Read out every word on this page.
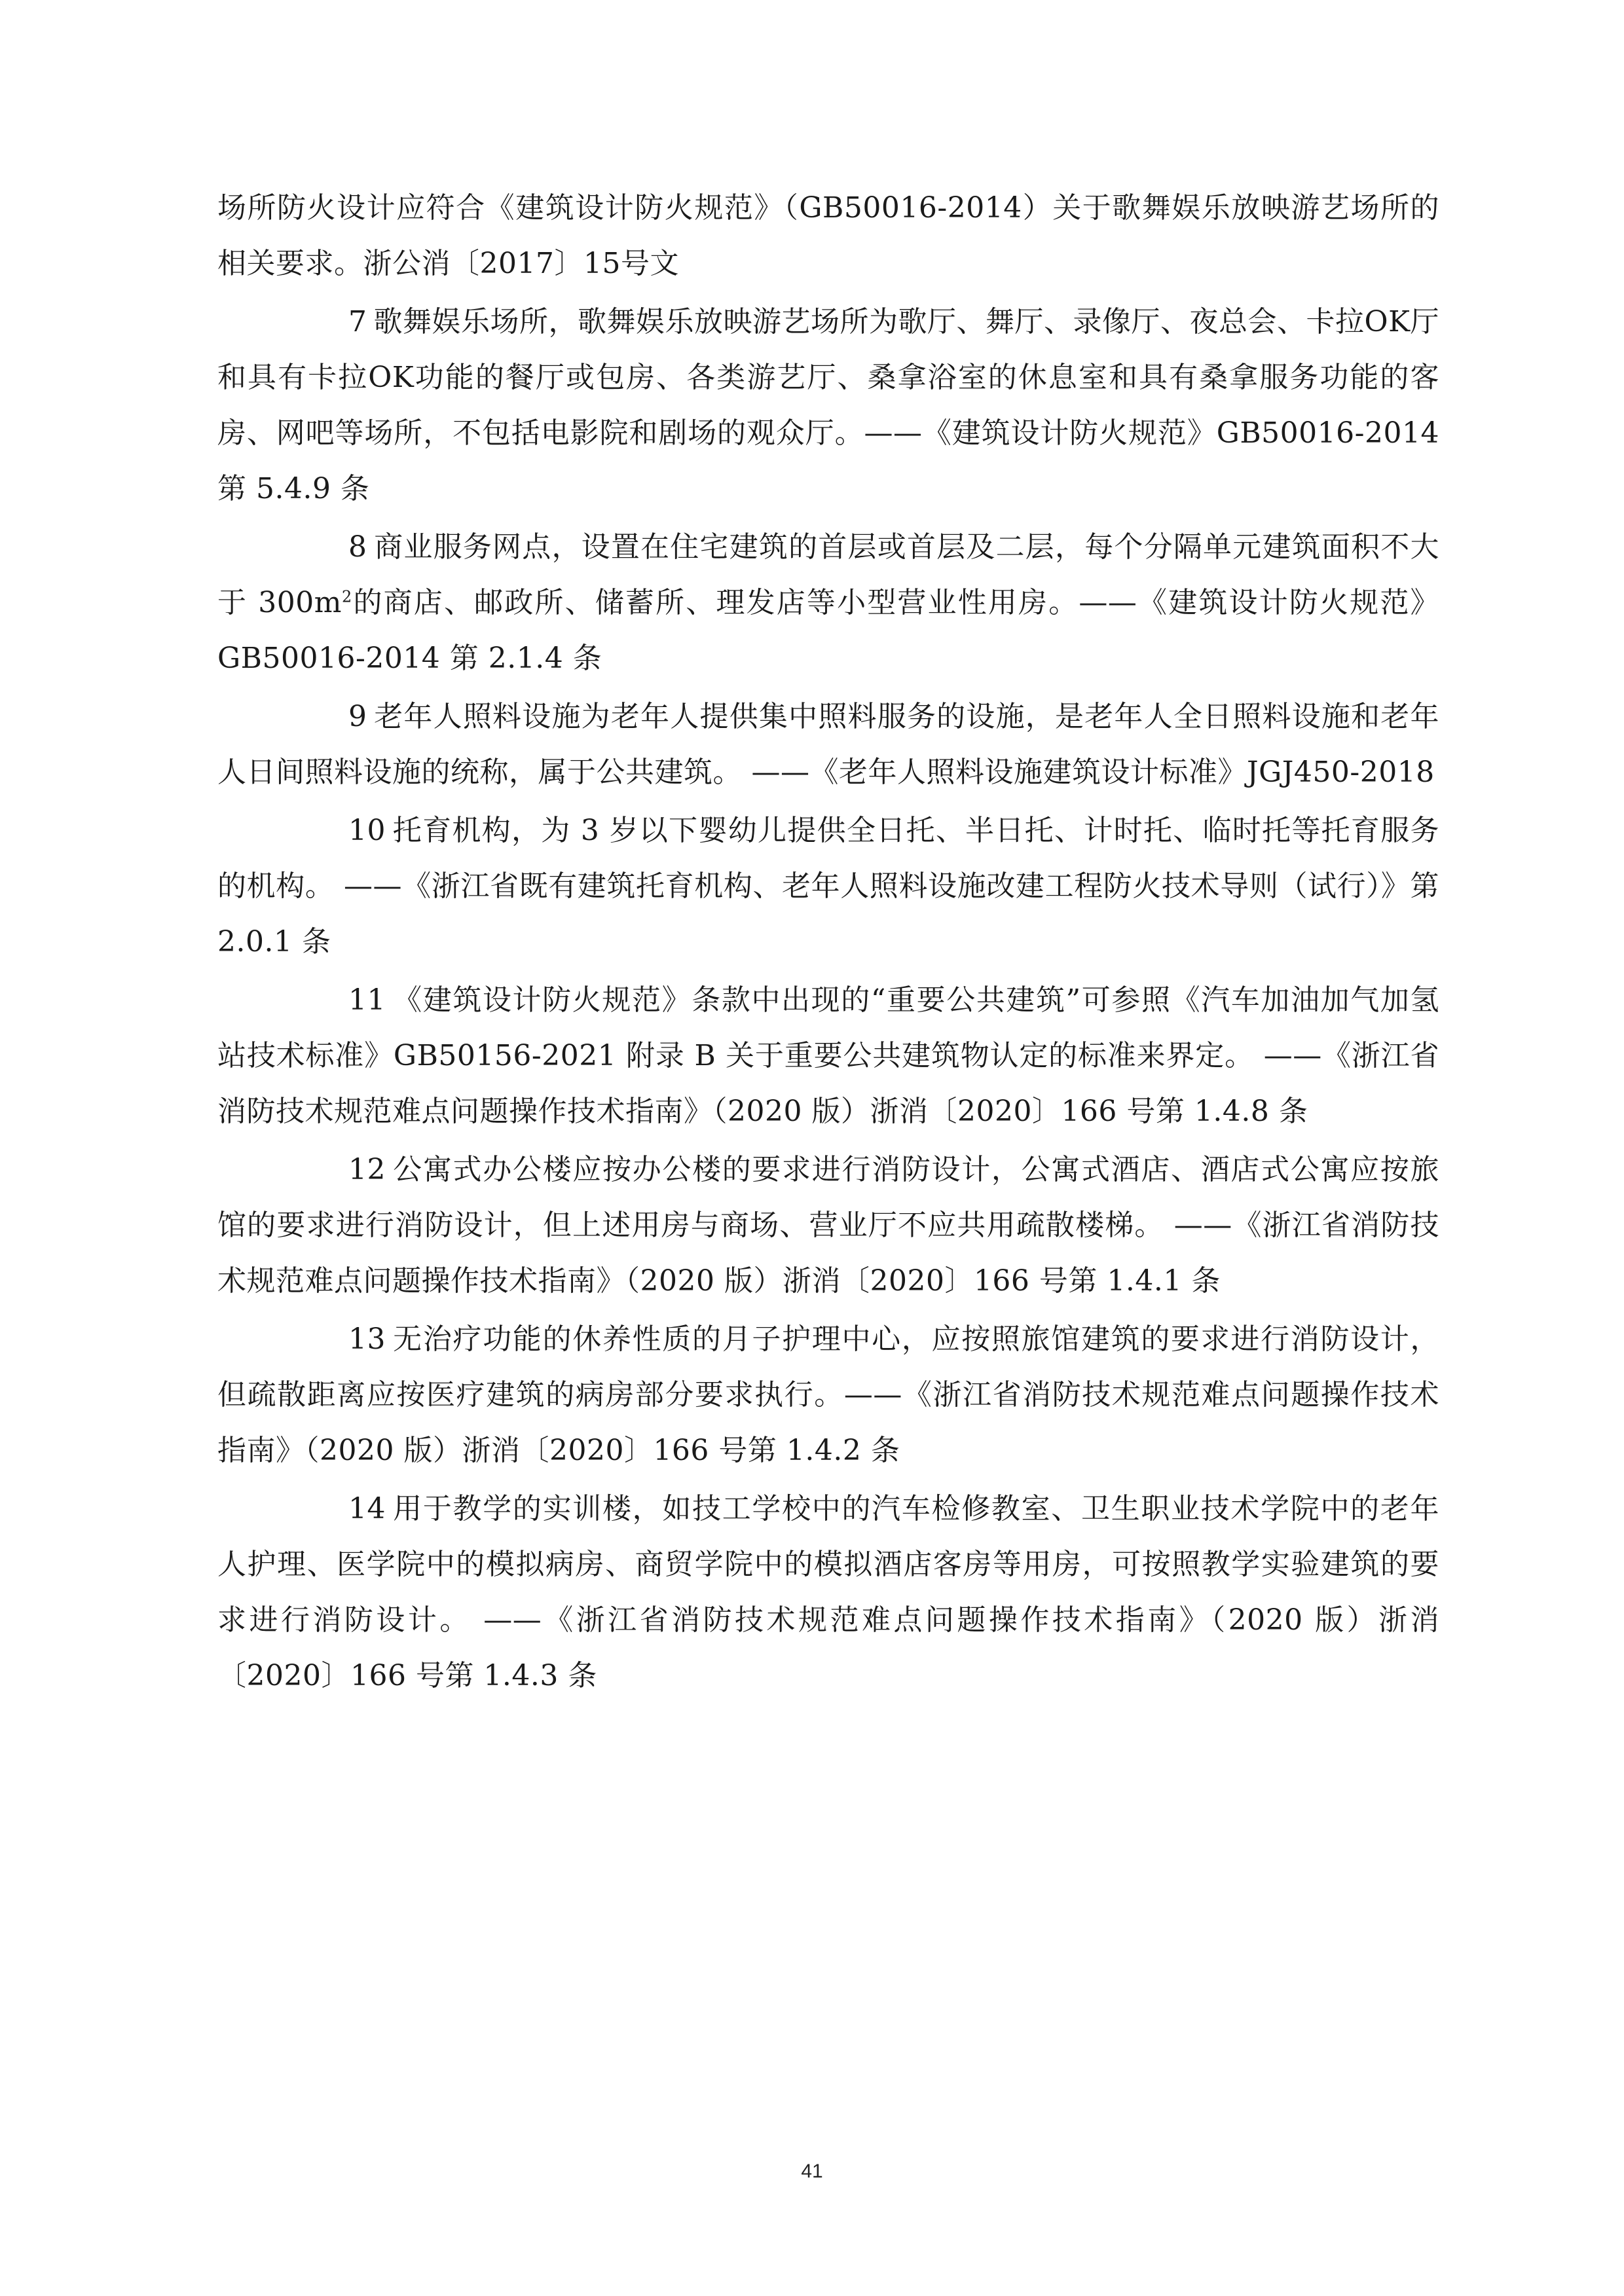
场所防火设计应符合《建筑设计防火规范》（GB50016-2014）关于歌舞娱乐放映游艺场所的相关要求。浙公消〔2017〕15号文

7 歌舞娱乐场所，歌舞娱乐放映游艺场所为歌厅、舞厅、录像厅、夜总会、卡拉OK厅和具有卡拉OK功能的餐厅或包房、各类游艺厅、桑拿浴室的休息室和具有桑拿服务功能的客房、网吧等场所，不包括电影院和剧场的观众厅。——《建筑设计防火规范》GB50016-2014 第 5.4.9 条

8 商业服务网点，设置在住宅建筑的首层或首层及二层，每个分隔单元建筑面积不大于 $300m^2$的商店、邮政所、储蓄所、理发店等小型营业性用房。——《建筑设计防火规范》GB50016-2014 第 2.1.4 条

9 老年人照料设施为老年人提供集中照料服务的设施，是老年人全日照料设施和老年人日间照料设施的统称，属于公共建筑。 ——《老年人照料设施建筑设计标准》JGJ450-2018

10 托育机构，为 3 岁以下婴幼儿提供全日托、半日托、计时托、临时托等托育服务的机构。 ——《浙江省既有建筑托育机构、老年人照料设施改建工程防火技术导则（试行）》第 2.0.1 条

11 《建筑设计防火规范》条款中出现的“重要公共建筑”可参照《汽车加油加气加氢站技术标准》GB50156-2021 附录 B 关于重要公共建筑物认定的标准来界定。 ——《浙江省消防技术规范难点问题操作技术指南》（2020 版）浙消〔2020〕166 号第 1.4.8 条

12 公寓式办公楼应按办公楼的要求进行消防设计，公寓式酒店、酒店式公寓应按旅馆的要求进行消防设计，但上述用房与商场、营业厅不应共用疏散楼梯。 ——《浙江省消防技术规范难点问题操作技术指南》（2020 版）浙消〔2020〕166 号第 1.4.1 条

13 无治疗功能的休养性质的月子护理中心，应按照旅馆建筑的要求进行消防设计，但疏散距离应按医疗建筑的病房部分要求执行。——《浙江省消防技术规范难点问题操作技术指南》（2020 版）浙消〔2020〕166 号第 1.4.2 条

14 用于教学的实训楼，如技工学校中的汽车检修教室、卫生职业技术学院中的老年人护理、医学院中的模拟病房、商贸学院中的模拟酒店客房等用房，可按照教学实验建筑的要求进行消防设计。 ——《浙江省消防技术规范难点问题操作技术指南》（2020 版）浙消〔2020〕166 号第 1.4.3 条

41
